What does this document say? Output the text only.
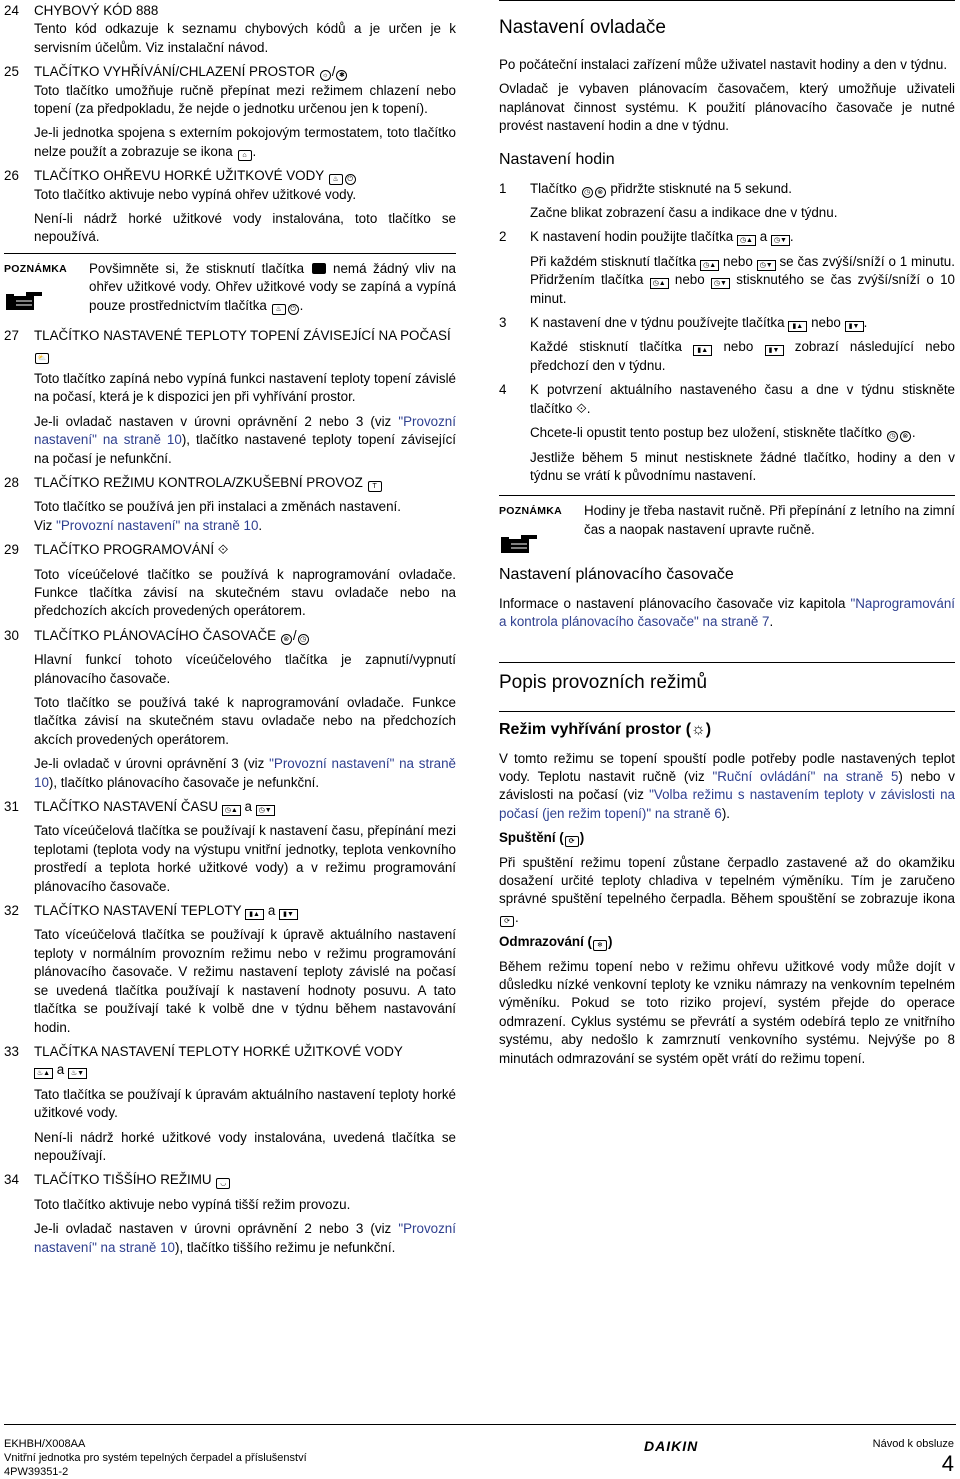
24	CHYBOVÝ KÓD 888

Tento kód odkazuje k seznamu chybových kódů a je určen je k servisním účelům. Viz instalační návod.

25	TLAČÍTKO VYHŘÍVÁNÍ/CHLAZENÍ PROSTOR ☼ / ✱

Toto tlačítko umožňuje ručně přepínat mezi režimem chlazení nebo topení (za předpokladu, že nejde o jednotku určenou jen k topení).

Je-li jednotka spojena s externím pokojovým termostatem, toto tlačítko nelze použít a zobrazuje se ikona ⌂ .

26	TLAČÍTKO OHŘEVU HORKÉ UŽITKOVÉ VODY ♨ ⏻

Toto tlačítko aktivuje nebo vypíná ohřev užitkové vody.

Není-li nádrž horké užitkové vody instalována, toto tlačítko se nepoužívá.

POZNÁMKA	Povšimněte si, že stisknutí tlačítka nemá žádný vliv na ohřev užitkové vody. Ohřev užitkové vody se zapíná a vypíná pouze prostřednictvím tlačítka ♨ ⏻ .
27	TLAČÍTKO NASTAVENÉ TEPLOTY TOPENÍ ZÁVISEJÍCÍ NA POČASÍ ⛅

Toto tlačítko zapíná nebo vypíná funkci nastavení teploty topení závislé na počasí, která je k dispozici jen při vyhřívání prostor.

Je-li ovladač nastaven v úrovni oprávnění 2 nebo 3 (viz "Provozní nastavení" na straně 10), tlačítko nastavené teploty topení závisející na počasí je nefunkční.

28	TLAČÍTKO REŽIMU KONTROLA/ZKUŠEBNÍ PROVOZ T

Toto tlačítko se používá jen při instalaci a změnách nastavení.

Viz "Provozní nastavení" na straně 10.

29	TLAČÍTKO PROGRAMOVÁNÍ ⟐

Toto víceúčelové tlačítko se používá k naprogramování ovladače. Funkce tlačítka závisí na skutečném stavu ovladače nebo na předchozích akcích provedených operátorem.

30	TLAČÍTKO PLÁNOVACÍHO ČASOVAČE ⊗ / ◷

Hlavní funkcí tohoto víceúčelového tlačítka je zapnutí/vypnutí plánovacího časovače.

Toto tlačítko se používá také k naprogramování ovladače. Funkce tlačítka závisí na skutečném stavu ovladače nebo na předchozích akcích provedených operátorem.

Je-li ovladač v úrovni oprávnění 3 (viz "Provozní nastavení" na straně 10), tlačítko plánovacího časovače je nefunkční.

31	TLAČÍTKO NASTAVENÍ ČASU ◷▲ a ◷▼

Tato víceúčelová tlačítka se používají k nastavení času, přepínání mezi teplotami (teplota vody na výstupu vnitřní jednotky, teplota venkovního prostředí a teplota horké užitkové vody) a v režimu programování plánovacího časovače.

32	TLAČÍTKO NASTAVENÍ TEPLOTY ▮▲ a ▮▼

Tato víceúčelová tlačítka se používají k úpravě aktuálního nastavení teploty v normálním provozním režimu nebo v režimu programování plánovacího časovače. V režimu nastavení teploty závislé na počasí se uvedená tlačítka používají k nastavení hodnoty posuvu. A tato tlačítka se používají také k volbě dne v týdnu během nastavování hodin.

33	TLAČÍTKA NASTAVENÍ TEPLOTY HORKÉ UŽITKOVÉ VODY
♨▲ a ♨▼

Tato tlačítka se používají k úpravám aktuálního nastavení teploty horké užitkové vody.

Není-li nádrž horké užitkové vody instalována, uvedená tlačítka se nepoužívají.

34	TLAČÍTKO TIŠŠÍHO REŽIMU ◡

Toto tlačítko aktivuje nebo vypíná tišší režim provozu.

Je-li ovladač nastaven v úrovni oprávnění 2 nebo 3 (viz "Provozní nastavení" na straně 10), tlačítko tiššího režimu je nefunkční.

Nastavení ovladače

Po počáteční instalaci zařízení může uživatel nastavit hodiny a den v týdnu.

Ovladač je vybaven plánovacím časovačem, který umožňuje uživateli naplánovat činnost systému. K použití plánovacího časovače je nutné provést nastavení hodin a dne v týdnu.

Nastavení hodin
1	Tlačítko ◷ ⊗ přidržte stisknuté na 5 sekund.

Začne blikat zobrazení času a indikace dne v týdnu.

2	K nastavení hodin použijte tlačítka ◷▲ a ◷▼ .

Při každém stisknutí tlačítka ◷▲ nebo ◷▼ se čas zvýší/sníží o 1 minutu. Přidržením tlačítka ◷▲ nebo ◷▼ stisknutého se čas zvýší/sníží o 10 minut.

3	K nastavení dne v týdnu používejte tlačítka ▮▲ nebo ▮▼ .

Každé stisknutí tlačítka ▮▲ nebo ▮▼ zobrazí následující nebo předchozí den v týdnu.

4	K potvrzení aktuálního nastaveného času a dne v týdnu stiskněte tlačítko ⟐.

Chcete-li opustit tento postup bez uložení, stiskněte tlačítko ◷ ⊗ .

Jestliže během 5 minut nestisknete žádné tlačítko, hodiny a den v týdnu se vrátí k původnímu nastavení.

POZNÁMKA	Hodiny je třeba nastavit ručně. Při přepínání z letního na zimní čas a naopak nastavení upravte ručně.
Nastavení plánovacího časovače

Informace o nastavení plánovacího časovače viz kapitola "Naprogramování a kontrola plánovacího časovače" na straně 7.

Popis provozních režimů
Režim vyhřívání prostor (☼)

V tomto režimu se topení spouští podle potřeby podle nastavených teplot vody. Teplotu nastavit ručně (viz "Ruční ovládání" na straně 5) nebo v závislosti na počasí (viz "Volba režimu s nastavením teploty v závislosti na počasí (jen režim topení)" na straně 6).

Spuštění ( ⟳ )

Při spuštění režimu topení zůstane čerpadlo zastavené až do okamžiku dosažení určité teploty chladiva v tepelném výměníku. Tím je zaručeno správné spuštění tepelného čerpadla. Během spouštění se zobrazuje ikona ⟳ .

Odmrazování ( ❄ )

Během režimu topení nebo v režimu ohřevu užitkové vody může dojít v důsledku nízké venkovní teploty ke vzniku námrazy na venkovním tepelném výměníku. Pokud se toto riziko projeví, systém přejde do operace odmrazení. Cyklus systému se převrátí a systém odebírá teplo ze vnitřního systému, aby nedošlo k zamrznutí venkovního systému. Nejvýše po 8 minutách odmrazování se systém opět vrátí do režimu topení.

EKHBH/X008AA
Vnitřní jednotka pro systém tepelných čerpadel a příslušenství
4PW39351-2
DAIKIN	Návod k obsluze
4
